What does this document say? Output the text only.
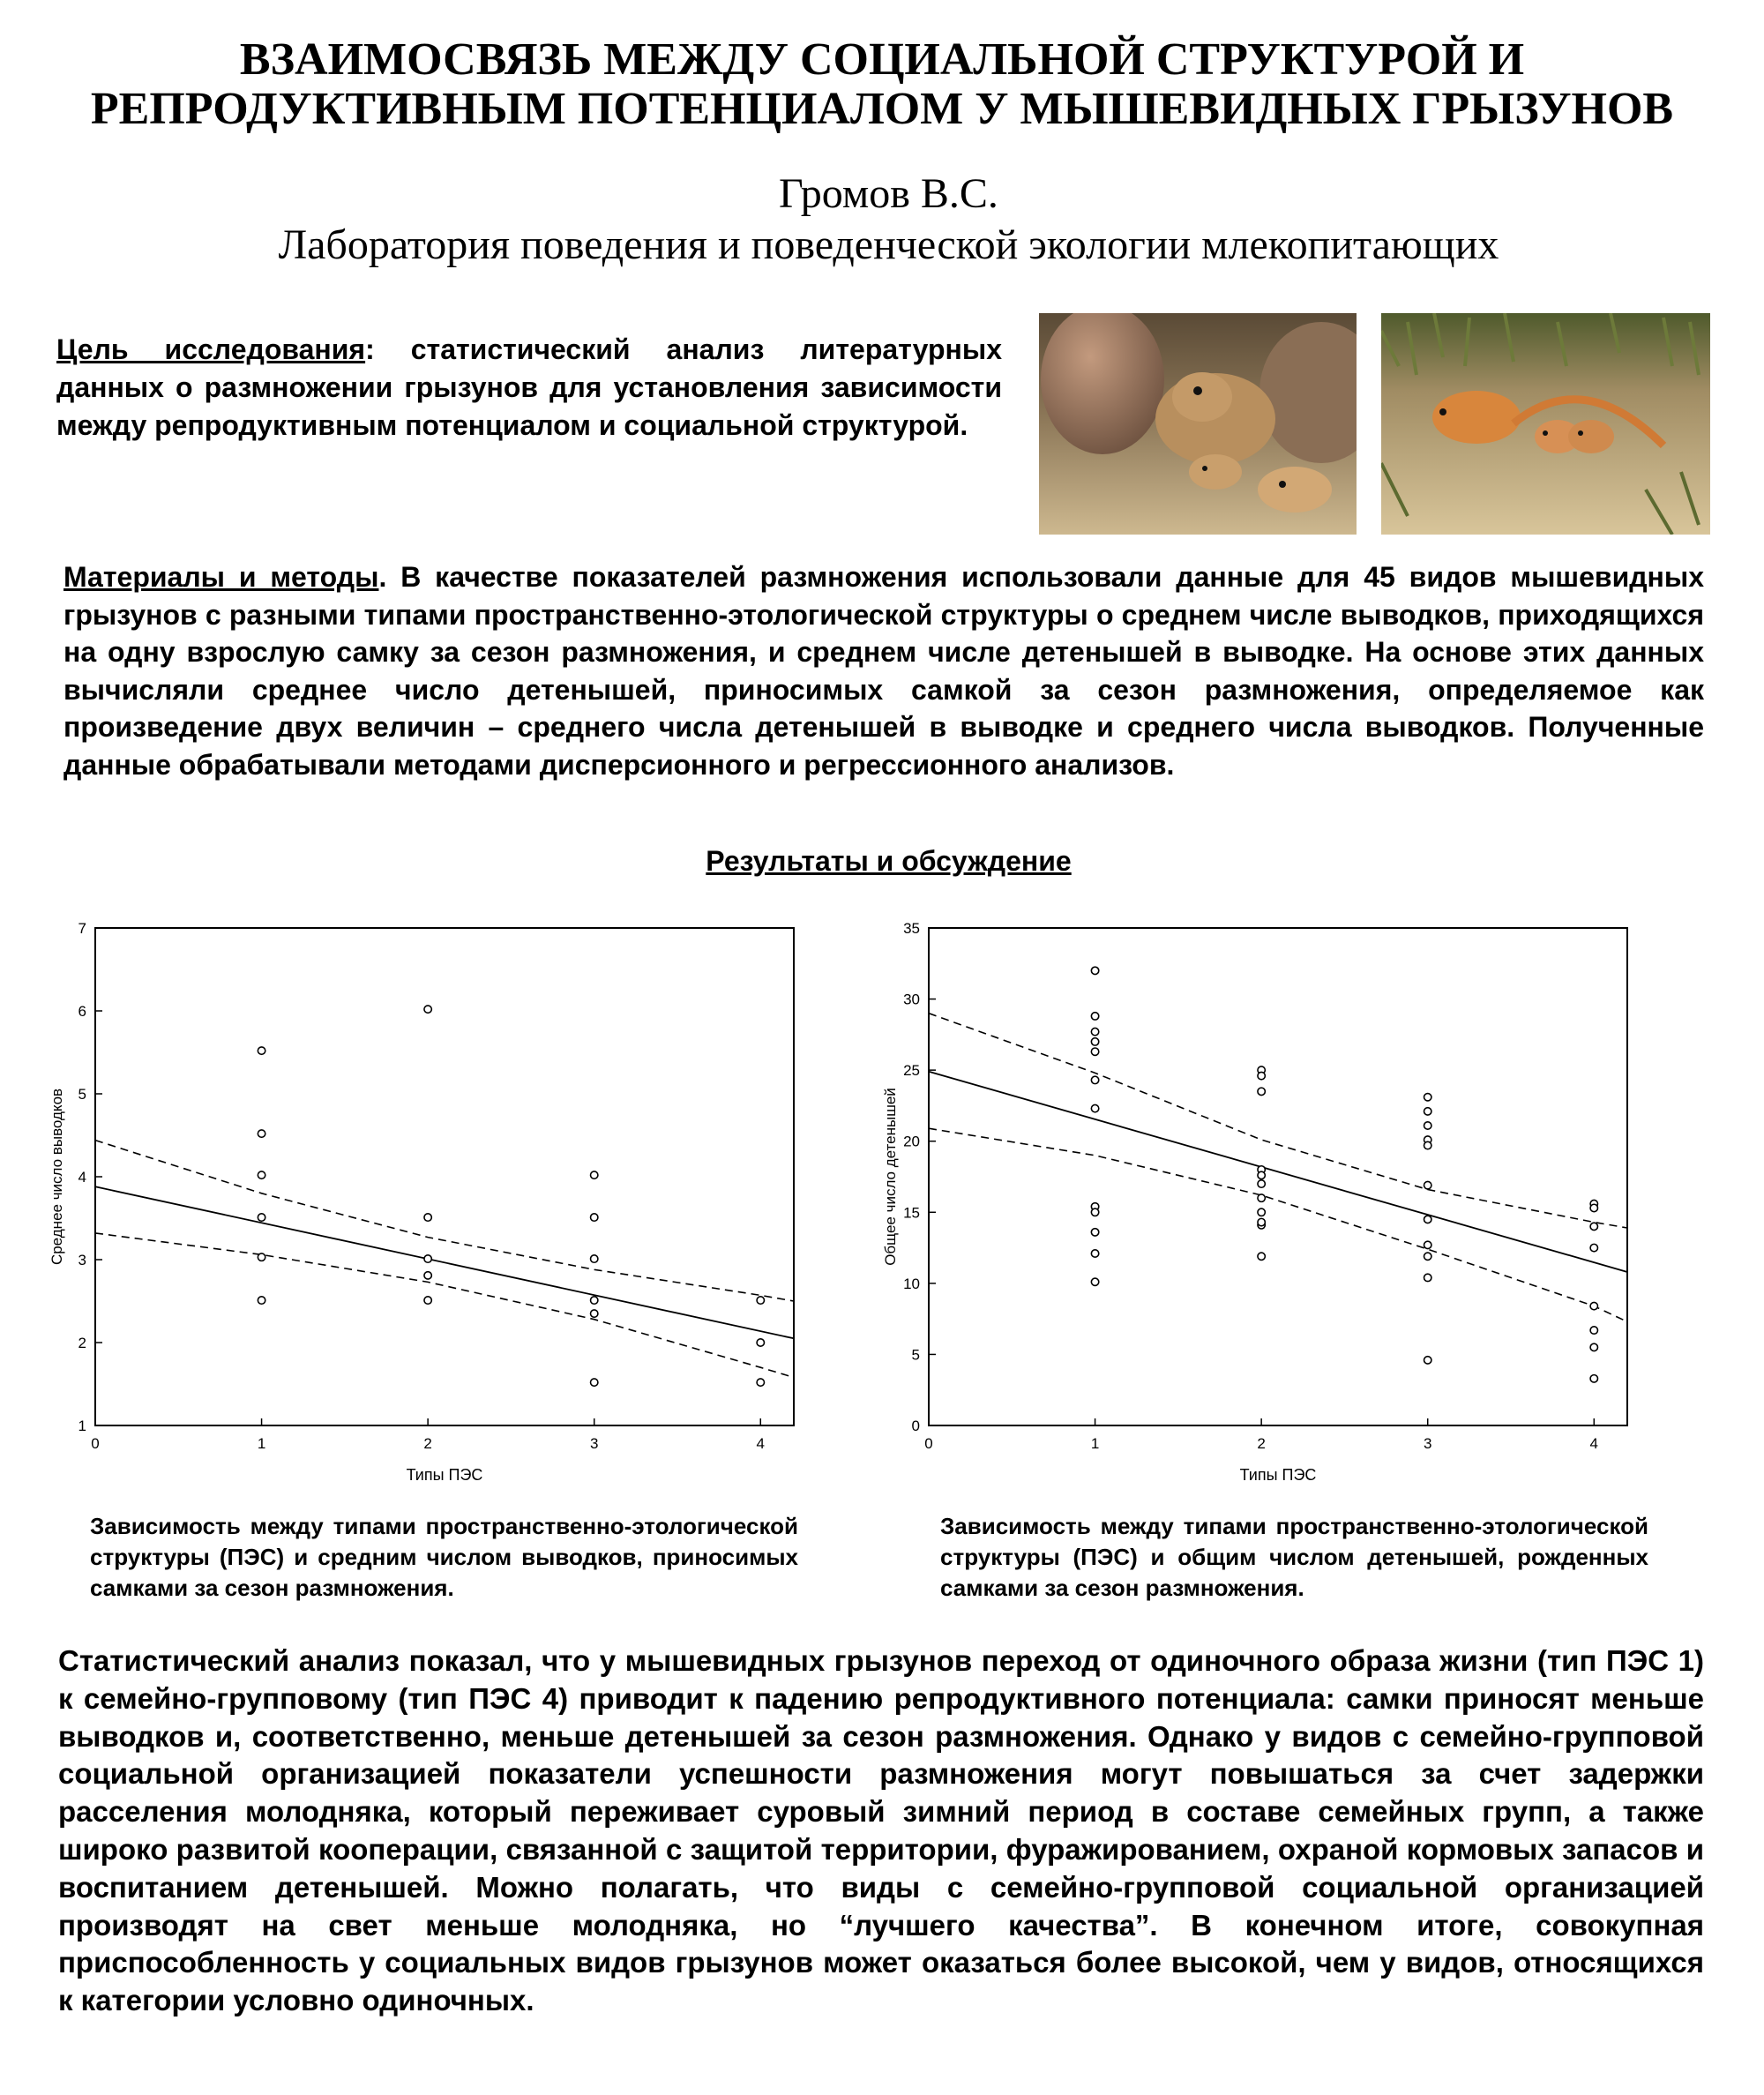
ВЗАИМОСВЯЗЬ МЕЖДУ СОЦИАЛЬНОЙ СТРУКТУРОЙ И
РЕПРОДУКТИВНЫМ ПОТЕНЦИАЛОМ У МЫШЕВИДНЫХ ГРЫЗУНОВ
Громов В.С.
Лаборатория поведения и поведенческой экологии млекопитающих
Цель исследования: статистический анализ литературных данных о размножении грызунов для установления зависимости между репродуктивным потенциалом и социальной структурой.
Материалы и методы. В качестве показателей размножения использовали данные для 45 видов мышевидных грызунов с разными типами пространственно-этологической структуры о среднем числе выводков, приходящихся на одну взрослую самку за сезон размножения, и среднем числе детенышей в выводке. На основе этих данных вычисляли среднее число детенышей, приносимых самкой за сезон размножения, определяемое как произведение двух величин – среднего числа детенышей в выводке и среднего числа выводков. Полученные данные обрабатывали методами дисперсионного и регрессионного анализов.
Результаты и обсуждение
0	1	2	3	4
1
2
3
4
5
6
7
Типы ПЭС
Среднее число выводков
0	1	2	3	4
0
5
10
15
20
25
30
35
Типы ПЭС
Общее число детенышей
Зависимость между типами пространственно-этологической структуры (ПЭС) и средним числом выводков, приносимых самками за сезон размножения.
Зависимость между типами пространственно-этологической структуры (ПЭС) и общим числом детенышей, рожденных самками за сезон размножения.
Статистический анализ показал, что у мышевидных грызунов переход от одиночного образа жизни (тип ПЭС 1) к семейно-групповому (тип ПЭС 4) приводит к падению репродуктивного потенциала: самки приносят меньше выводков и, соответственно, меньше детенышей за сезон размножения. Однако у видов с семейно-групповой социальной организацией показатели успешности размножения могут повышаться за счет задержки расселения молодняка, который переживает суровый зимний период в составе семейных групп, а также широко развитой кооперации, связанной с защитой территории, фуражированием, охраной кормовых запасов и воспитанием детенышей. Можно полагать, что виды с семейно-групповой социальной организацией производят на свет меньше молодняка, но “лучшего качества”. В конечном итоге, совокупная приспособленность у социальных видов грызунов может оказаться более высокой, чем у видов, относящихся к категории условно одиночных.
